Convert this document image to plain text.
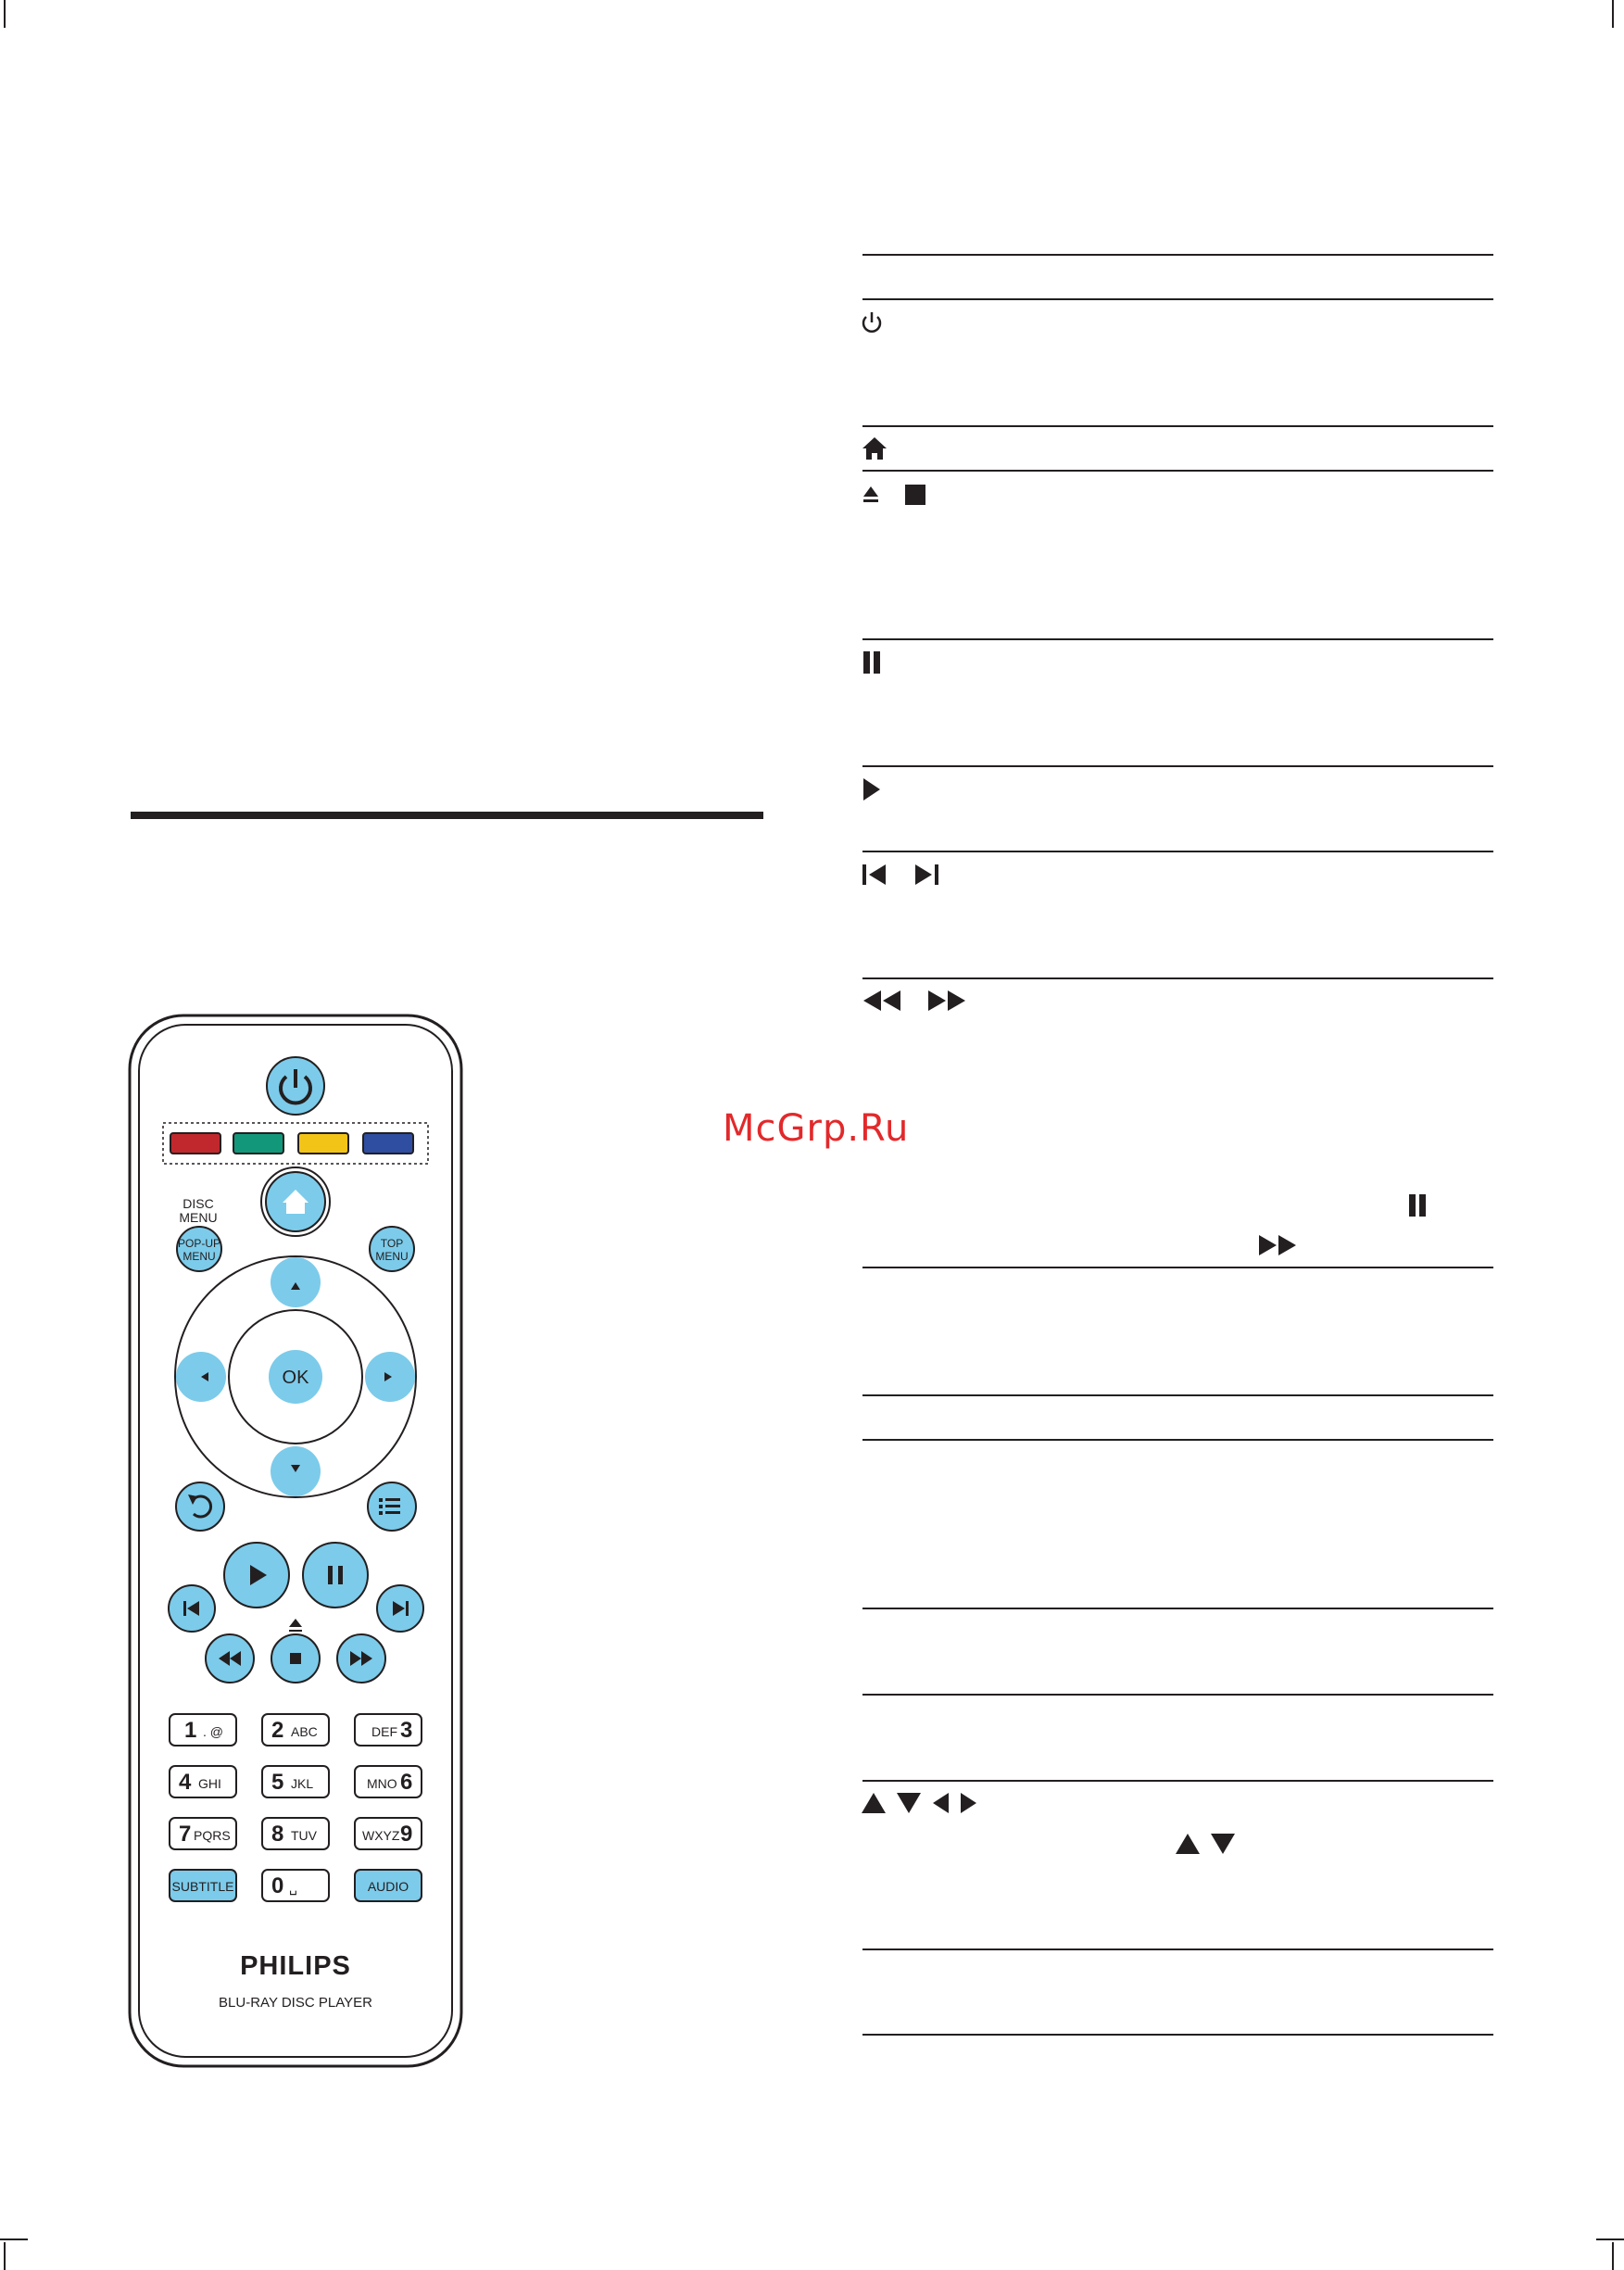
DISC
MENU
POP-UP
MENU
TOP
MENU
OK
1 . @ 2 ABC	DEF 3
4 GHI 5 JKL	MNO 6
7 PQRS 8 TUV	WXYZ 9
SUBTITLE 0 ␣	AUDIO
PHILIPS
BLU-RAY DISC PLAYER
McGrp.Ru
